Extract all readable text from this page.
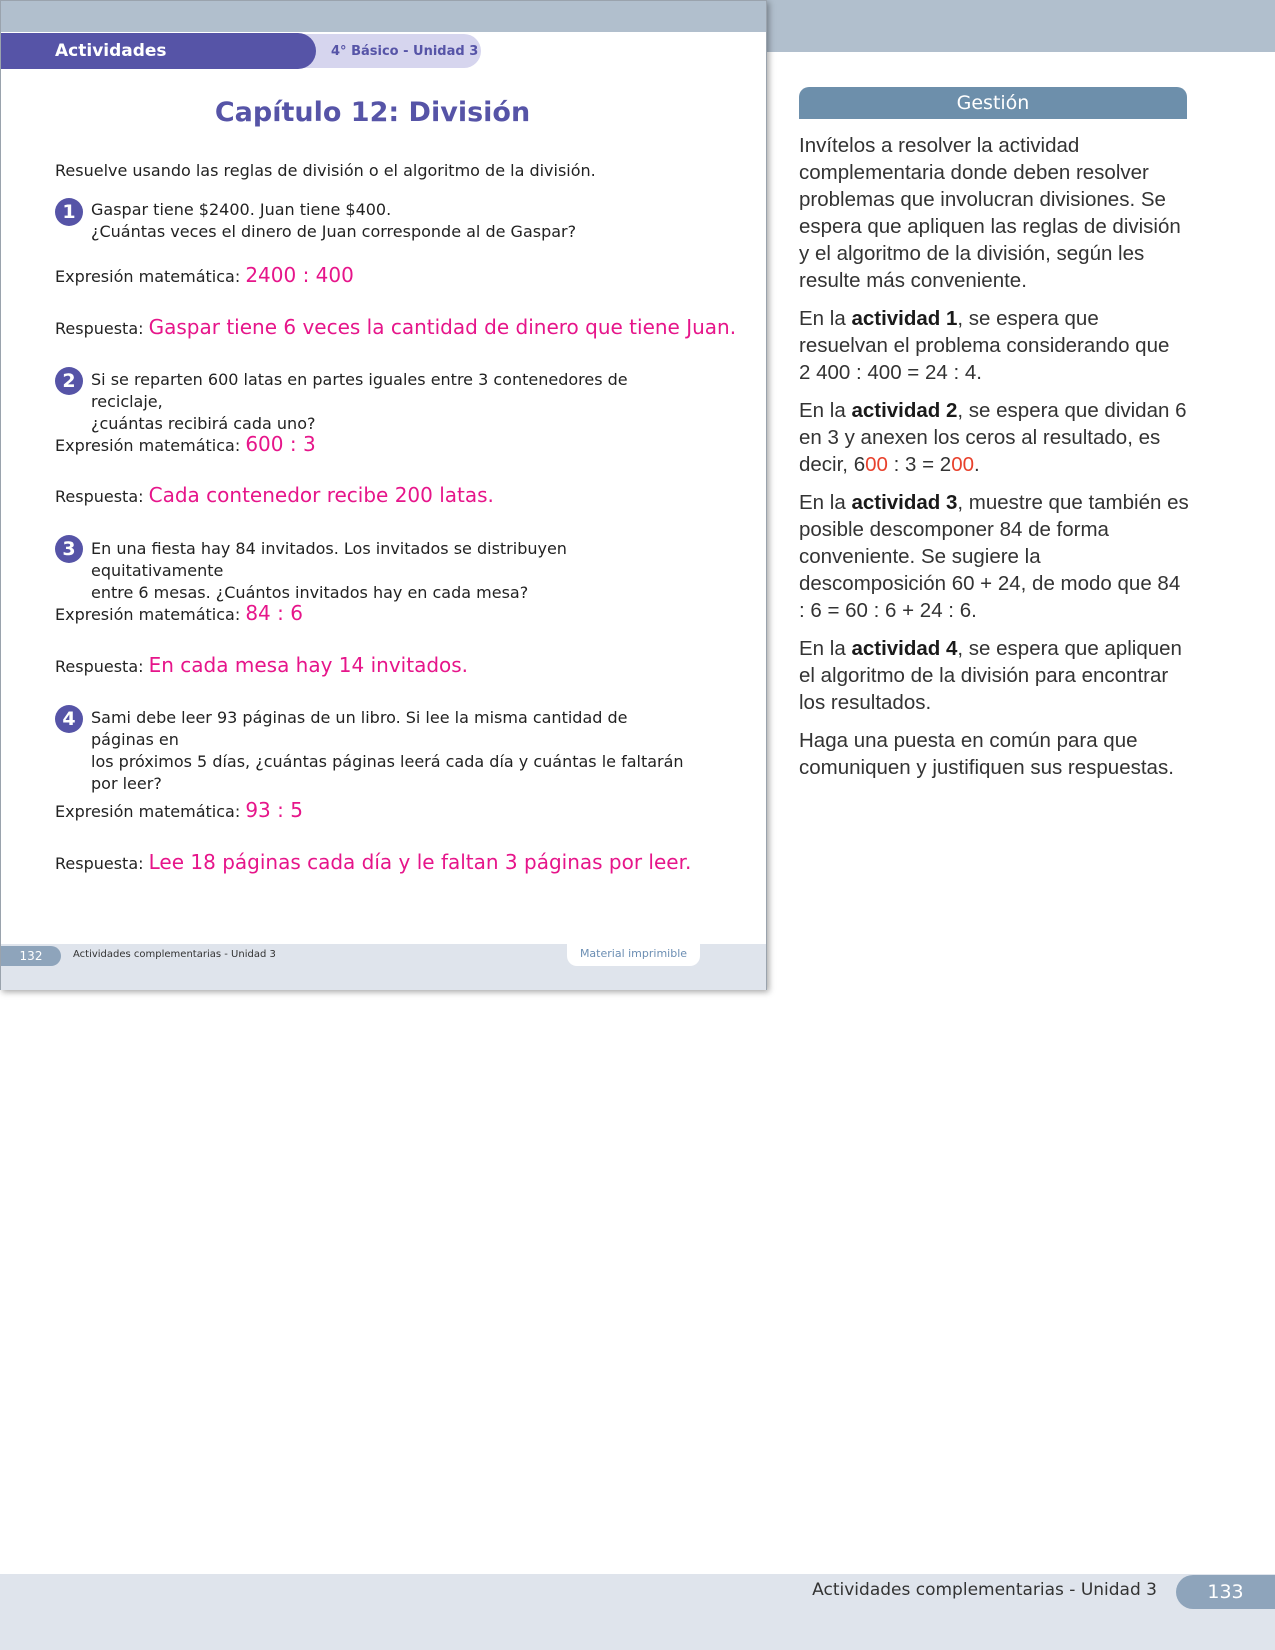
Actividades complementarias
4° Básico - Unidad 3
Capítulo 12: División
Resuelve usando las reglas de división o el algoritmo de la división.
1 Gaspar tiene $2400. Juan tiene $400.
¿Cuántas veces el dinero de Juan corresponde al de Gaspar?
Expresión matemática: 2400 : 400
Respuesta: Gaspar tiene 6 veces la cantidad de dinero que tiene Juan.
2 Si se reparten 600 latas en partes iguales entre 3 contenedores de reciclaje,
¿cuántas recibirá cada uno?
Expresión matemática: 600 : 3
Respuesta: Cada contenedor recibe 200 latas.
3 En una fiesta hay 84 invitados. Los invitados se distribuyen equitativamente
entre 6 mesas. ¿Cuántos invitados hay en cada mesa?
Expresión matemática: 84 : 6
Respuesta: En cada mesa hay 14 invitados.
4 Sami debe leer 93 páginas de un libro. Si lee la misma cantidad de páginas en
los próximos 5 días, ¿cuántas páginas leerá cada día y cuántas le faltarán
por leer?
Expresión matemática: 93 : 5
Respuesta: Lee 18 páginas cada día y le faltan 3 páginas por leer.
132	Actividades complementarias - Unidad 3	Material imprimible
Gestión

Invítelos a resolver la actividad complementaria donde deben resolver problemas que involucran divisiones. Se espera que apliquen las reglas de división y el algoritmo de la división, según les resulte más conveniente.

En la actividad 1, se espera que resuelvan el problema considerando que
2 400 : 400 = 24 : 4.

En la actividad 2, se espera que dividan 6 en 3 y anexen los ceros al resultado, es decir, 600 : 3 = 200.

En la actividad 3, muestre que también es posible descomponer 84 de forma conveniente. Se sugiere la descomposición 60 + 24, de modo que 84 : 6 = 60 : 6 + 24 : 6.

En la actividad 4, se espera que apliquen el algoritmo de la división para encontrar los resultados.

Haga una puesta en común para que comuniquen y justifiquen sus respuestas.

Actividades complementarias - Unidad 3	133
